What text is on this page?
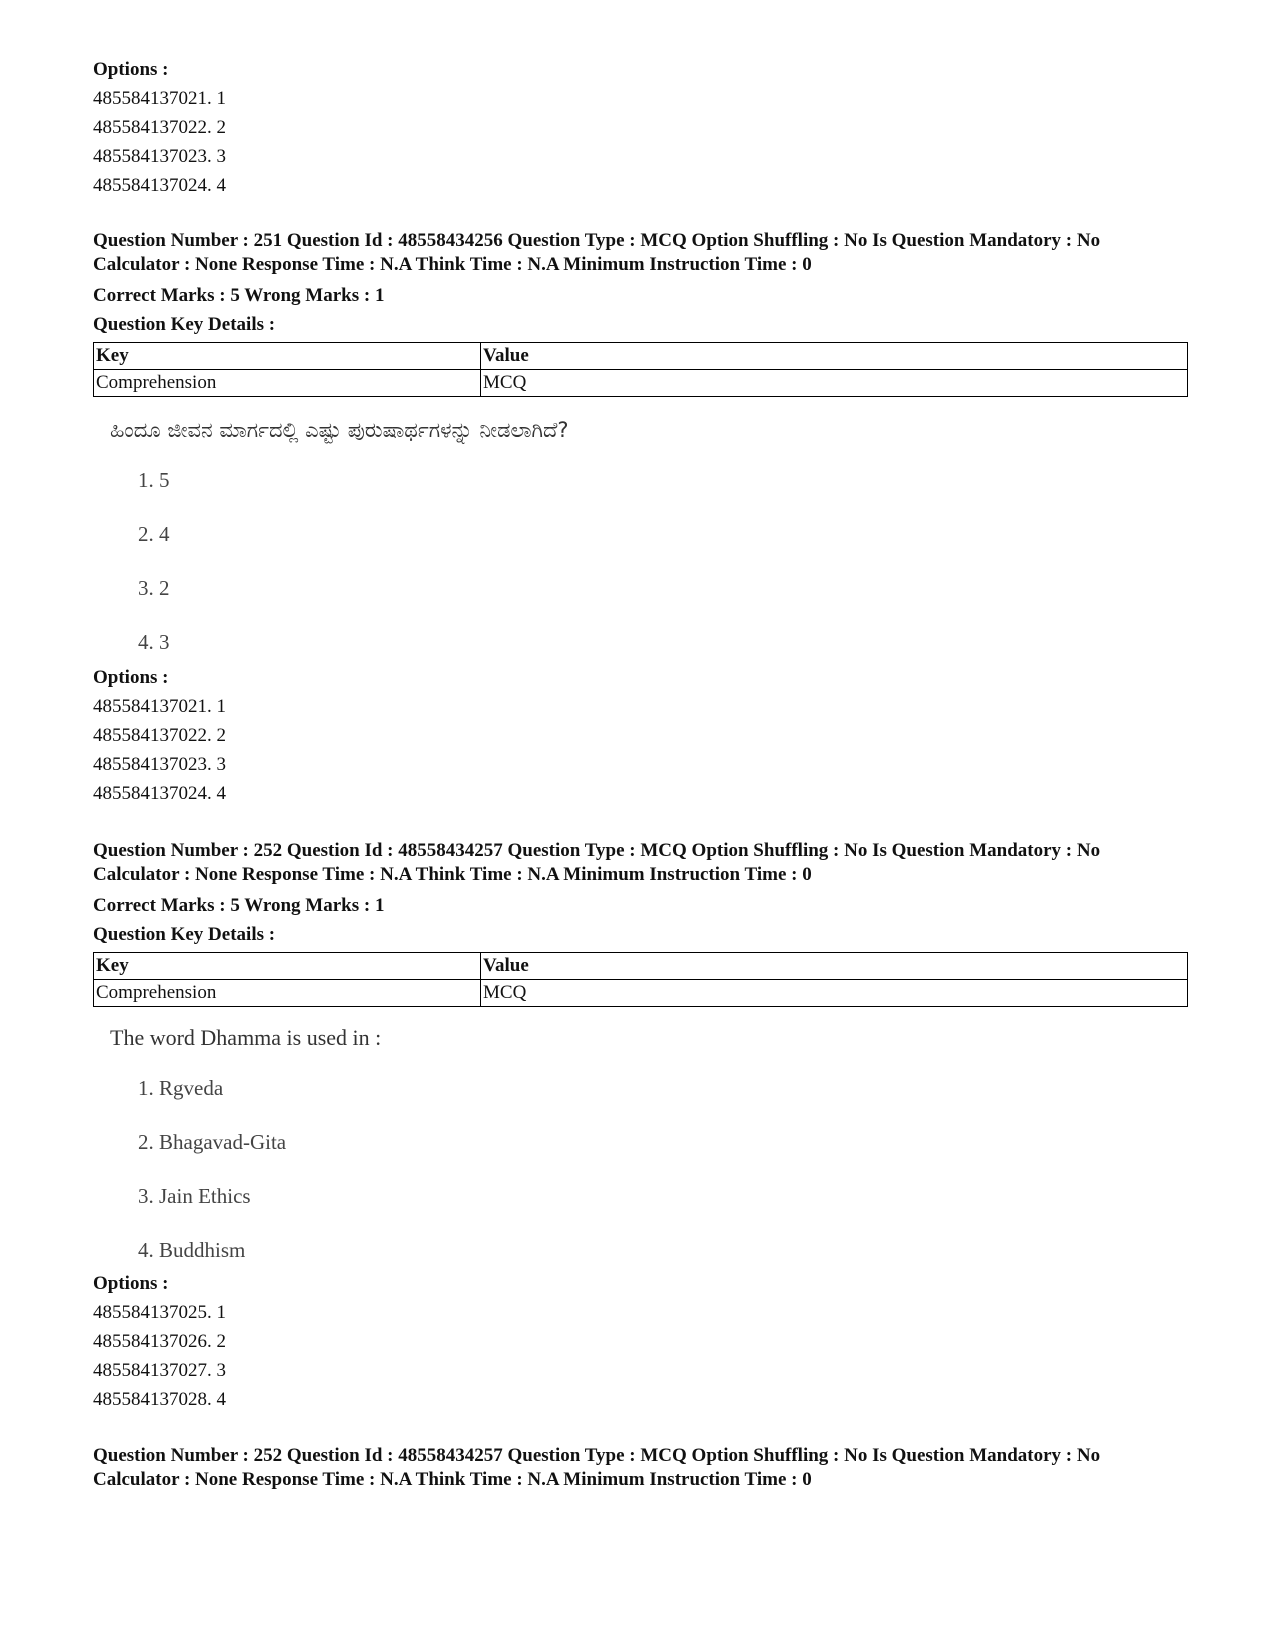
Options :
485584137021. 1
485584137022. 2
485584137023. 3
485584137024. 4
Question Number : 251 Question Id : 48558434256 Question Type : MCQ Option Shuffling : No Is Question Mandatory : No Calculator : None Response Time : N.A Think Time : N.A Minimum Instruction Time : 0
Correct Marks : 5 Wrong Marks : 1
Question Key Details :
Key	Value
Comprehension	MCQ
ಹಿಂದೂ ಜೀವನ ಮಾರ್ಗದಲ್ಲಿ ಎಷ್ಟು ಪುರುಷಾರ್ಥಗಳನ್ನು ನೀಡಲಾಗಿದೆ?
1. 5
2. 4
3. 2
4. 3
Options :
485584137021. 1
485584137022. 2
485584137023. 3
485584137024. 4
Question Number : 252 Question Id : 48558434257 Question Type : MCQ Option Shuffling : No Is Question Mandatory : No Calculator : None Response Time : N.A Think Time : N.A Minimum Instruction Time : 0
Correct Marks : 5 Wrong Marks : 1
Question Key Details :
Key	Value
Comprehension	MCQ
The word Dhamma is used in :
1. Rgveda
2. Bhagavad-Gita
3. Jain Ethics
4. Buddhism
Options :
485584137025. 1
485584137026. 2
485584137027. 3
485584137028. 4
Question Number : 252 Question Id : 48558434257 Question Type : MCQ Option Shuffling : No Is Question Mandatory : No Calculator : None Response Time : N.A Think Time : N.A Minimum Instruction Time : 0
